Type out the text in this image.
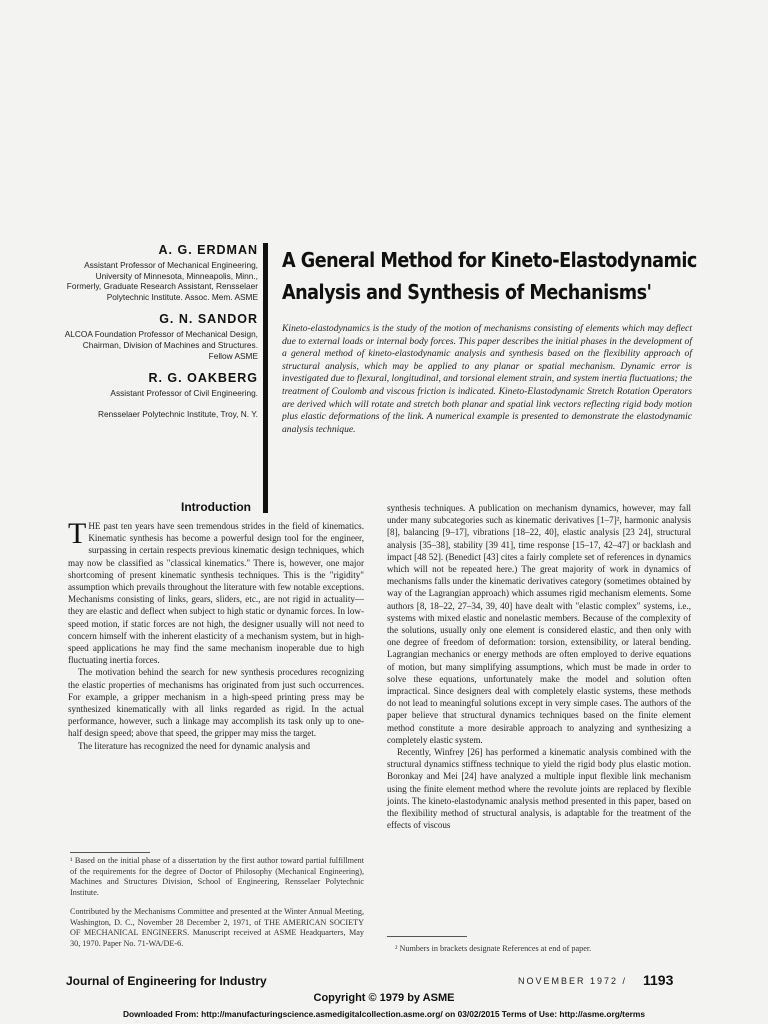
A. G. ERDMAN

Assistant Professor of Mechanical Engineering, University of Minnesota, Minneapolis, Minn., Formerly, Graduate Research Assistant, Rensselaer Polytechnic Institute. Assoc. Mem. ASME

G. N. SANDOR

ALCOA Foundation Professor of Mechanical Design, Chairman, Division of Machines and Structures. Fellow ASME

R. G. OAKBERG

Assistant Professor of Civil Engineering.

Rensselaer Polytechnic Institute, Troy, N. Y.

A General Method for Kineto-Elastodynamic
Analysis and Synthesis of Mechanisms'

Kineto-elastodynamics is the study of the motion of mechanisms consisting of elements which may deflect due to external loads or internal body forces. This paper describes the initial phases in the development of a general method of kineto-elastodynamic analysis and synthesis based on the flexibility approach of structural analysis, which may be applied to any planar or spatial mechanism. Dynamic error is investigated due to flexural, longitudinal, and torsional element strain, and system inertia fluctuations; the treatment of Coulomb and viscous friction is indicated. Kineto-Elastodynamic Stretch Rotation Operators are derived which will rotate and stretch both planar and spatial link vectors reflecting rigid body motion plus elastic deformations of the link. A numerical example is presented to demonstrate the elastodynamic analysis technique.

Introduction

THE past ten years have seen tremendous strides in the field of kinematics. Kinematic synthesis has become a powerful design tool for the engineer, surpassing in certain respects previous kinematic design techniques, which may now be classified as "classical kinematics." There is, however, one major shortcoming of present kinematic synthesis techniques. This is the "rigidity" assumption which prevails throughout the literature with few notable exceptions. Mechanisms consisting of links, gears, sliders, etc., are not rigid in actuality—they are elastic and deflect when subject to high static or dynamic forces. In low-speed motion, if static forces are not high, the designer usually will not need to concern himself with the inherent elasticity of a mechanism system, but in high-speed applications he may find the same mechanism inoperable due to high fluctuating inertia forces.

The motivation behind the search for new synthesis procedures recognizing the elastic properties of mechanisms has originated from just such occurrences. For example, a gripper mechanism in a high-speed printing press may be synthesized kinematically with all links regarded as rigid. In the actual performance, however, such a linkage may accomplish its task only up to one-half design speed; above that speed, the gripper may miss the target.

The literature has recognized the need for dynamic analysis and

¹ Based on the initial phase of a dissertation by the first author toward partial fulfillment of the requirements for the degree of Doctor of Philosophy (Mechanical Engineering), Machines and Structures Division, School of Engineering, Rensselaer Polytechnic Institute.

Contributed by the Mechanisms Committee and presented at the Winter Annual Meeting, Washington, D. C., November 28 December 2, 1971, of THE AMERICAN SOCIETY OF MECHANICAL ENGINEERS. Manuscript received at ASME Headquarters, May 30, 1970. Paper No. 71-WA/DE-6.

synthesis techniques. A publication on mechanism dynamics, however, may fall under many subcategories such as kinematic derivatives [1–7]², harmonic analysis [8], balancing [9–17], vibrations [18–22, 40], elastic analysis [23 24], structural analysis [35–38], stability [39 41], time response [15–17, 42–47] or backlash and impact [48 52]. (Benedict [43] cites a fairly complete set of references in dynamics which will not be repeated here.) The great majority of work in dynamics of mechanisms falls under the kinematic derivatives category (sometimes obtained by way of the Lagrangian approach) which assumes rigid mechanism elements. Some authors [8, 18–22, 27–34, 39, 40] have dealt with "elastic complex" systems, i.e., systems with mixed elastic and nonelastic members. Because of the complexity of the solutions, usually only one element is considered elastic, and then only with one degree of freedom of deformation: torsion, extensibility, or lateral bending. Lagrangian mechanics or energy methods are often employed to derive equations of motion, but many simplifying assumptions, which must be made in order to solve these equations, unfortunately make the model and solution often impractical. Since designers deal with completely elastic systems, these methods do not lead to meaningful solutions except in very simple cases. The authors of the paper believe that structural dynamics techniques based on the finite element method constitute a more desirable approach to analyzing and synthesizing a completely elastic system.

Recently, Winfrey [26] has performed a kinematic analysis combined with the structural dynamics stiffness technique to yield the rigid body plus elastic motion. Boronkay and Mei [24] have analyzed a multiple input flexible link mechanism using the finite element method where the revolute joints are replaced by flexible joints. The kineto-elastodynamic analysis method presented in this paper, based on the flexibility method of structural analysis, is adaptable for the treatment of the effects of viscous

² Numbers in brackets designate References at end of paper.

Journal of Engineering for Industry	NOVEMBER 1972 / 1193

Copyright © 1979 by ASME

Downloaded From: http://manufacturingscience.asmedigitalcollection.asme.org/ on 03/02/2015 Terms of Use: http://asme.org/terms
